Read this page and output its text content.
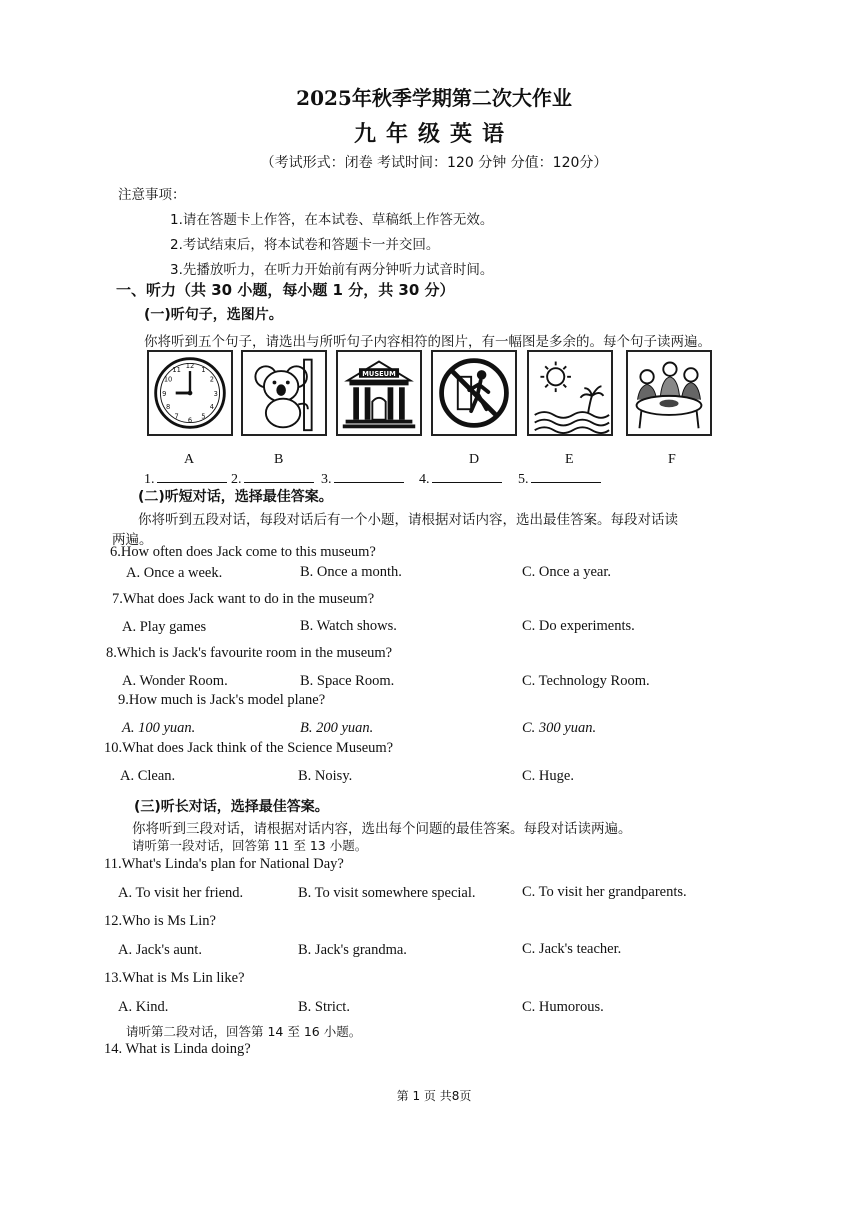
2025年秋季学期第二次大作业
九年级英语
（考试形式：闭卷 考试时间：120 分钟 分值：120分）
注意事项：
1.请在答题卡上作答，在本试卷、草稿纸上作答无效。
2.考试结束后，将本试卷和答题卡一并交回。
3.先播放听力，在听力开始前有两分钟听力试音时间。
一、听力（共 30 小题，每小题 1 分，共 30 分）
(一)听句子，选图片。
你将听到五个句子，请选出与所听句子内容相符的图片，有一幅图是多余的。每个句子读两遍。
12 1
2
3
4
5
6
7
8
9
10
11	MUSEUM
A	B	D	E	F
1.	2.	3.	4.	5.
(二)听短对话，选择最佳答案。
你将听到五段对话，每段对话后有一个小题，请根据对话内容，选出最佳答案。每段对话读
两遍。
6.How often does Jack come to this museum?
A. Once a week.	B. Once a month.	C. Once a year.
7.What does Jack want to do in the museum?
A. Play games	B. Watch shows.	C. Do experiments.
8.Which is Jack's favourite room in the museum?
A. Wonder Room.	B. Space Room.	C. Technology Room.
9.How much is Jack's model plane?
A. 100 yuan.	B. 200 yuan.	C. 300 yuan.
10.What does Jack think of the Science Museum?
A. Clean.	B. Noisy.	C. Huge.
(三)听长对话，选择最佳答案。
你将听到三段对话，请根据对话内容，选出每个问题的最佳答案。每段对话读两遍。
请听第一段对话，回答第 11 至 13 小题。
11.What's Linda's plan for National Day?
A. To visit her friend.	B. To visit somewhere special.	C. To visit her grandparents.
12.Who is Ms Lin?
A. Jack's aunt.	B. Jack's grandma.	C. Jack's teacher.
13.What is Ms Lin like?
A. Kind.	B. Strict.	C. Humorous.
请听第二段对话，回答第 14 至 16 小题。
14. What is Linda doing?
第 1 页 共8页
